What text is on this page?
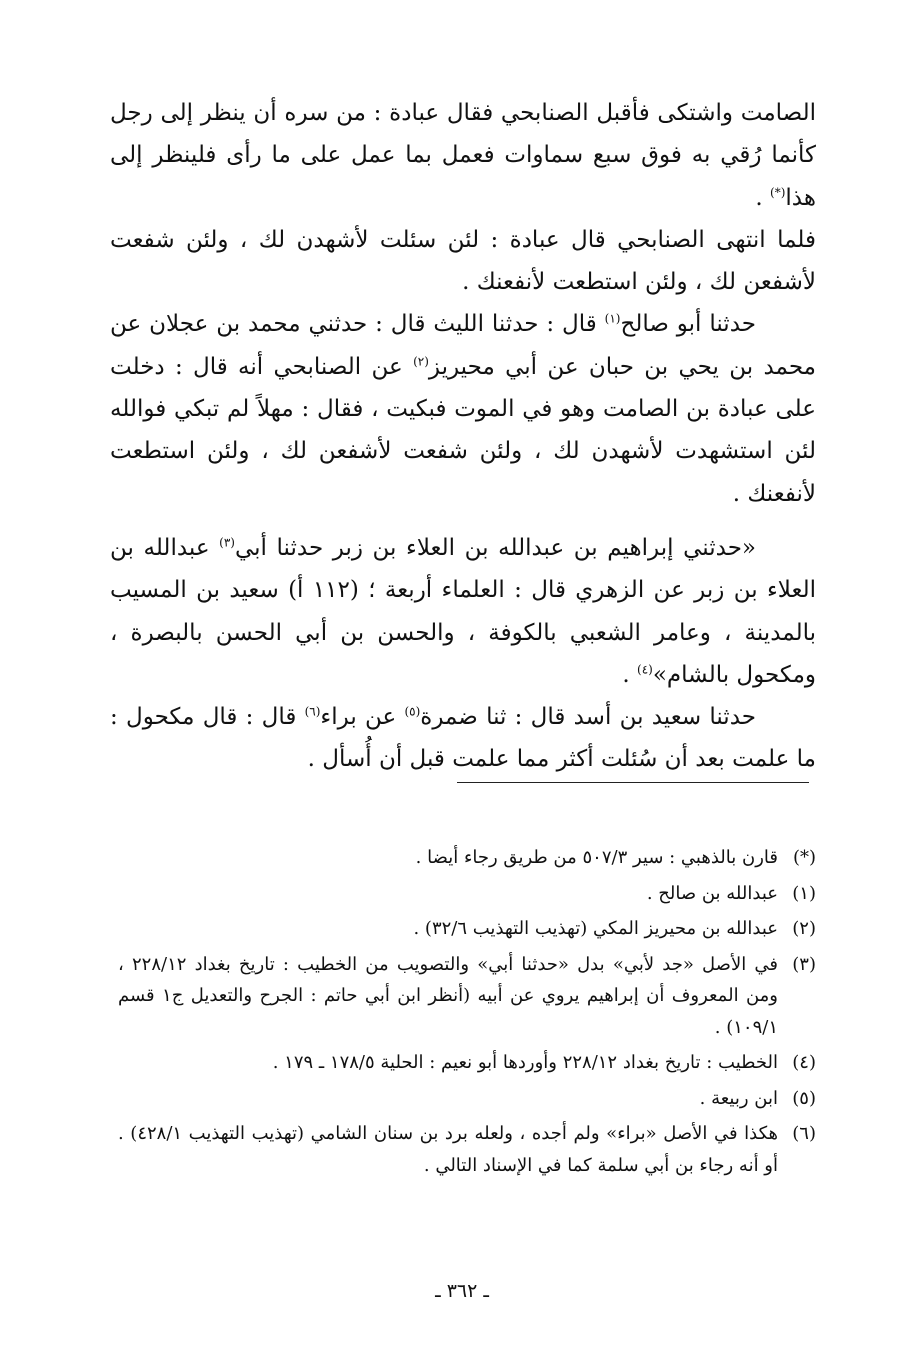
الصامت واشتكى فأقبل الصنابحي فقال عبادة : من سره أن ينظر إلى رجل كأنما رُقي به فوق سبع سماوات فعمل بما عمل على ما رأى فلينظر إلى هذا(*) .

فلما انتهى الصنابحي قال عبادة : لئن سئلت لأشهدن لك ، ولئن شفعت لأشفعن لك ، ولئن استطعت لأنفعنك .

حدثنا أبو صالح$^{(١)}$ قال : حدثنا الليث قال : حدثني محمد بن عجلان عن محمد بن يحي بن حبان عن أبي محيريز$^{(٢)}$ عن الصنابحي أنه قال : دخلت على عبادة بن الصامت وهو في الموت فبكيت ، فقال : مهلاً لم تبكي فوالله لئن استشهدت لأشهدن لك ، ولئن شفعت لأشفعن لك ، ولئن استطعت لأنفعنك .

«حدثني إبراهيم بن عبدالله بن العلاء بن زبر حدثنا أبي$^{(٣)}$ عبدالله بن العلاء بن زبر عن الزهري قال : العلماء أربعة ؛ (١١٢ أ) سعيد بن المسيب بالمدينة ، وعامر الشعبي بالكوفة ، والحسن بن أبي الحسن بالبصرة ، ومكحول بالشام»$^{(٤)}$ .

حدثنا سعيد بن أسد قال : ثنا ضمرة$^{(٥)}$ عن براء$^{(٦)}$ قال : قال مكحول : ما علمت بعد أن سُئلت أكثر مما علمت قبل أن أُسأل .

(*)
قارن بالذهبي : سير ٥٠٧/٣ من طريق رجاء أيضا .
(١)
عبدالله بن صالح .
(٢)
عبدالله بن محيريز المكي (تهذيب التهذيب ٣٢/٦) .
(٣)
في الأصل «جد لأبي» بدل «حدثنا أبي» والتصويب من الخطيب : تاريخ بغداد ٢٢٨/١٢ ، ومن المعروف أن إبراهيم يروي عن أبيه (أنظر ابن أبي حاتم : الجرح والتعديل ج١ قسم ١٠٩/١) .
(٤)
الخطيب : تاريخ بغداد ٢٢٨/١٢ وأوردها أبو نعيم : الحلية ١٧٨/٥ ـ ١٧٩ .
(٥)
ابن ربيعة .
(٦)
هكذا في الأصل «براء» ولم أجده ، ولعله برد بن سنان الشامي (تهذيب التهذيب ٤٢٨/١) . أو أنه رجاء بن أبي سلمة كما في الإسناد التالي .
ـ ٣٦٢ ـ
